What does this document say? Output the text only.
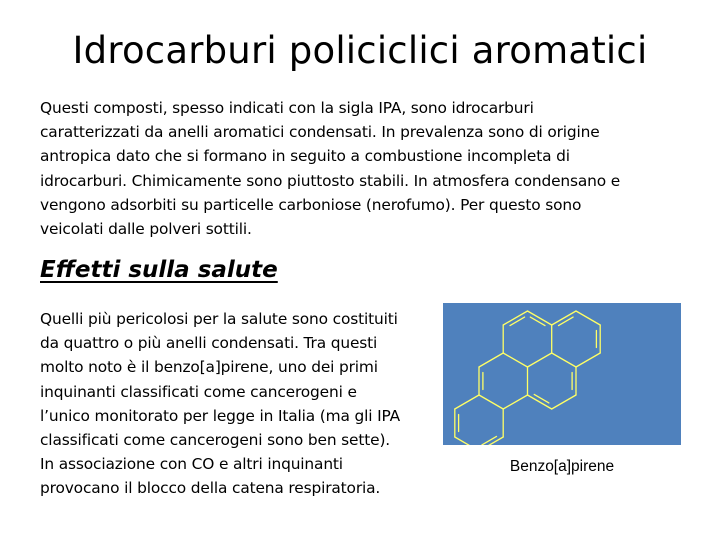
Idrocarburi policiclici aromatici
Questi composti, spesso indicati con la sigla IPA, sono idrocarburi
caratterizzati da anelli aromatici condensati. In prevalenza sono di origine
antropica dato che si formano in seguito a combustione incompleta di
idrocarburi. Chimicamente sono piuttosto stabili. In atmosfera condensano e
vengono adsorbiti su particelle carboniose (nerofumo). Per questo sono
veicolati dalle polveri sottili.
Effetti sulla salute
Quelli più pericolosi per la salute sono costituiti
da quattro o più anelli condensati. Tra questi
molto noto è il benzo[a]pirene, uno dei primi
inquinanti classificati come cancerogeni e
l’unico monitorato per legge in Italia (ma gli IPA
classificati come cancerogeni sono ben sette).
In associazione con CO e altri inquinanti
provocano il blocco della catena respiratoria.
Benzo[a]pirene
